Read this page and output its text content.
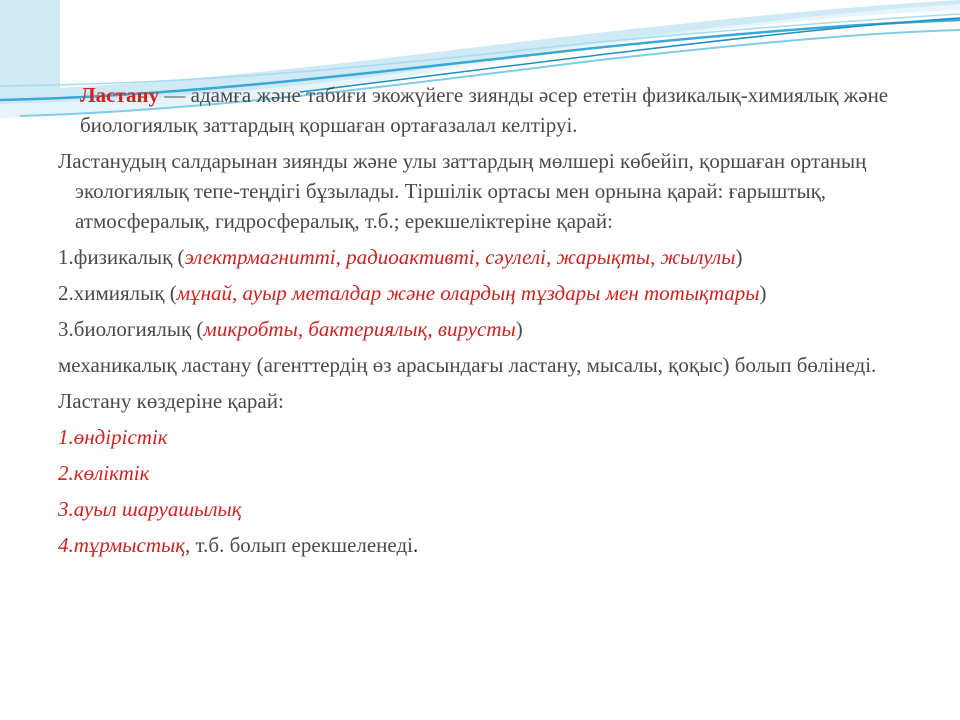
Ластану — адамға және табиғи экожүйеге зиянды әсер ететін физикалық-химиялық және биологиялық заттардың қоршаған ортағазалал келтіруі.

Ластанудың салдарынан зиянды және улы заттардың мөлшері көбейіп, қоршаған ортаның экологиялық тепе-теңдігі бұзылады. Тіршілік ортасы мен орнына қарай: ғарыштық, атмосфералық, гидросфералық, т.б.; ерекшеліктеріне қарай:

1.физикалық (электрмагнитті, радиоактивті, сәулелі, жарықты, жылулы)

2.химиялық (мұнай, ауыр металдар және олардың тұздары мен тотықтары)

3.биологиялық (микробты, бактериялық, вирусты)

механикалық ластану (агенттердің өз арасындағы ластану, мысалы, қоқыс) болып бөлінеді.

Ластану көздеріне қарай:

1.өндірістік

2.көліктік

3.ауыл шаруашылық

4.тұрмыстық, т.б. болып ерекшеленеді.
